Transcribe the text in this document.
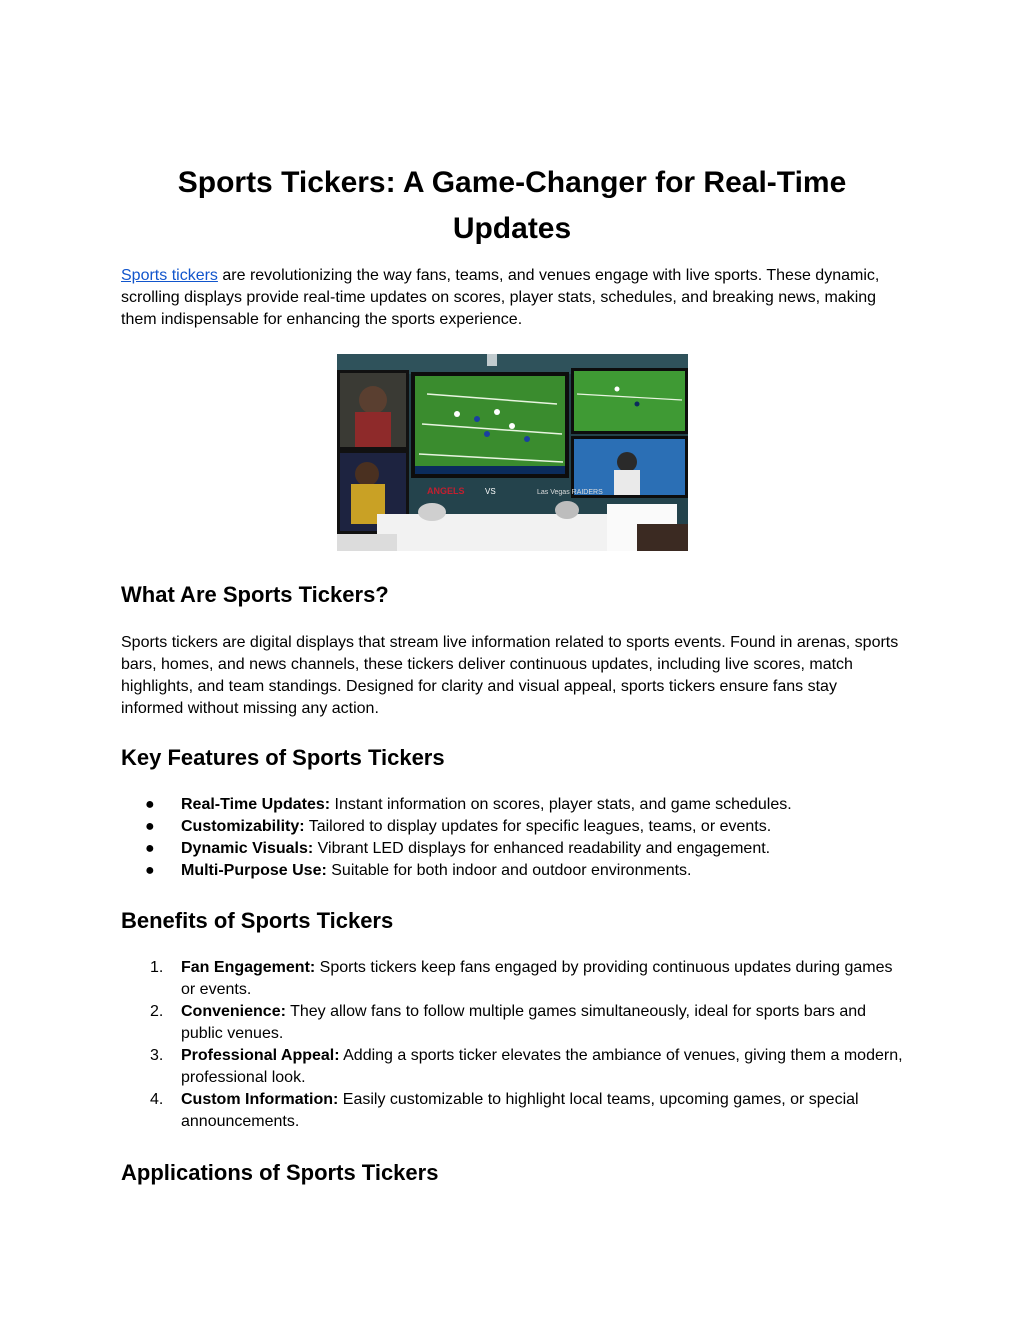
Sports Tickers: A Game-Changer for Real-Time Updates

Sports tickers are revolutionizing the way fans, teams, and venues engage with live sports. These dynamic, scrolling displays provide real-time updates on scores, player stats, schedules, and breaking news, making them indispensable for enhancing the sports experience.

ANGELS	VS	Las Vegas RAIDERS
What Are Sports Tickers?

Sports tickers are digital displays that stream live information related to sports events. Found in arenas, sports bars, homes, and news channels, these tickers deliver continuous updates, including live scores, match highlights, and team standings. Designed for clarity and visual appeal, sports tickers ensure fans stay informed without missing any action.

Key Features of Sports Tickers
● Real-Time Updates: Instant information on scores, player stats, and game schedules.
● Customizability: Tailored to display updates for specific leagues, teams, or events.
● Dynamic Visuals: Vibrant LED displays for enhanced readability and engagement.
● Multi-Purpose Use: Suitable for both indoor and outdoor environments.
Benefits of Sports Tickers
1. Fan Engagement: Sports tickers keep fans engaged by providing continuous updates during games or events.
2. Convenience: They allow fans to follow multiple games simultaneously, ideal for sports bars and public venues.
3. Professional Appeal: Adding a sports ticker elevates the ambiance of venues, giving them a modern, professional look.
4. Custom Information: Easily customizable to highlight local teams, upcoming games, or special announcements.
Applications of Sports Tickers
